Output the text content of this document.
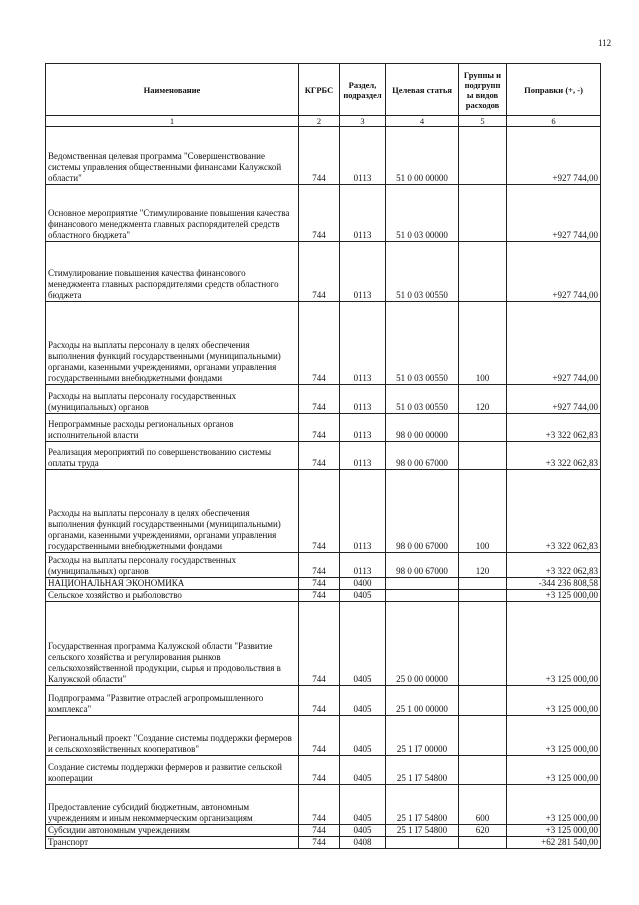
112
Наименование	КГРБС	Раздел, подраздел	Целевая статья	Группы и подгрупп ы видов расходов	Поправки (+, -)
1	2	3	4	5	6
Ведомственная целевая программа "Совершенствование системы управления общественными финансами Калужской области"	744	0113	51 0 00 00000		+927 744,00
Основное мероприятие "Стимулирование повышения качества финансового менеджмента главных распорядителей средств областного бюджета"	744	0113	51 0 03 00000		+927 744,00
Стимулирование повышения качества финансового менеджмента главных распорядителями средств областного бюджета	744	0113	51 0 03 00550		+927 744,00
Расходы на выплаты персоналу в целях обеспечения выполнения функций государственными (муниципальными) органами, казенными учреждениями, органами управления государственными внебюджетными фондами	744	0113	51 0 03 00550	100	+927 744,00
Расходы на выплаты персоналу государственных (муниципальных) органов	744	0113	51 0 03 00550	120	+927 744,00
Непрограммные расходы региональных органов исполнительной власти	744	0113	98 0 00 00000		+3 322 062,83
Реализация мероприятий по совершенствованию системы оплаты труда	744	0113	98 0 00 67000		+3 322 062,83
Расходы на выплаты персоналу в целях обеспечения выполнения функций государственными (муниципальными) органами, казенными учреждениями, органами управления государственными внебюджетными фондами	744	0113	98 0 00 67000	100	+3 322 062,83
Расходы на выплаты персоналу государственных (муниципальных) органов	744	0113	98 0 00 67000	120	+3 322 062,83
НАЦИОНАЛЬНАЯ ЭКОНОМИКА	744	0400			-344 236 808,58
Сельское хозяйство и рыболовство	744	0405			+3 125 000,00
Государственная программа Калужской области "Развитие сельского хозяйства и регулирования рынков сельскохозяйственной продукции, сырья и продовольствия в Калужской области"	744	0405	25 0 00 00000		+3 125 000,00
Подпрограмма "Развитие отраслей агропромышленного комплекса"	744	0405	25 1 00 00000		+3 125 000,00
Региональный проект "Создание системы поддержки фермеров и сельскохозяйственных кооперативов"	744	0405	25 1 I7 00000		+3 125 000,00
Создание системы поддержки фермеров и развитие сельской кооперации	744	0405	25 1 I7 54800		+3 125 000,00
Предоставление субсидий бюджетным, автономным учреждениям и иным некоммерческим организациям	744	0405	25 1 I7 54800	600	+3 125 000,00
Субсидии автономным учреждениям	744	0405	25 1 I7 54800	620	+3 125 000,00
Транспорт	744	0408			+62 281 540,00
